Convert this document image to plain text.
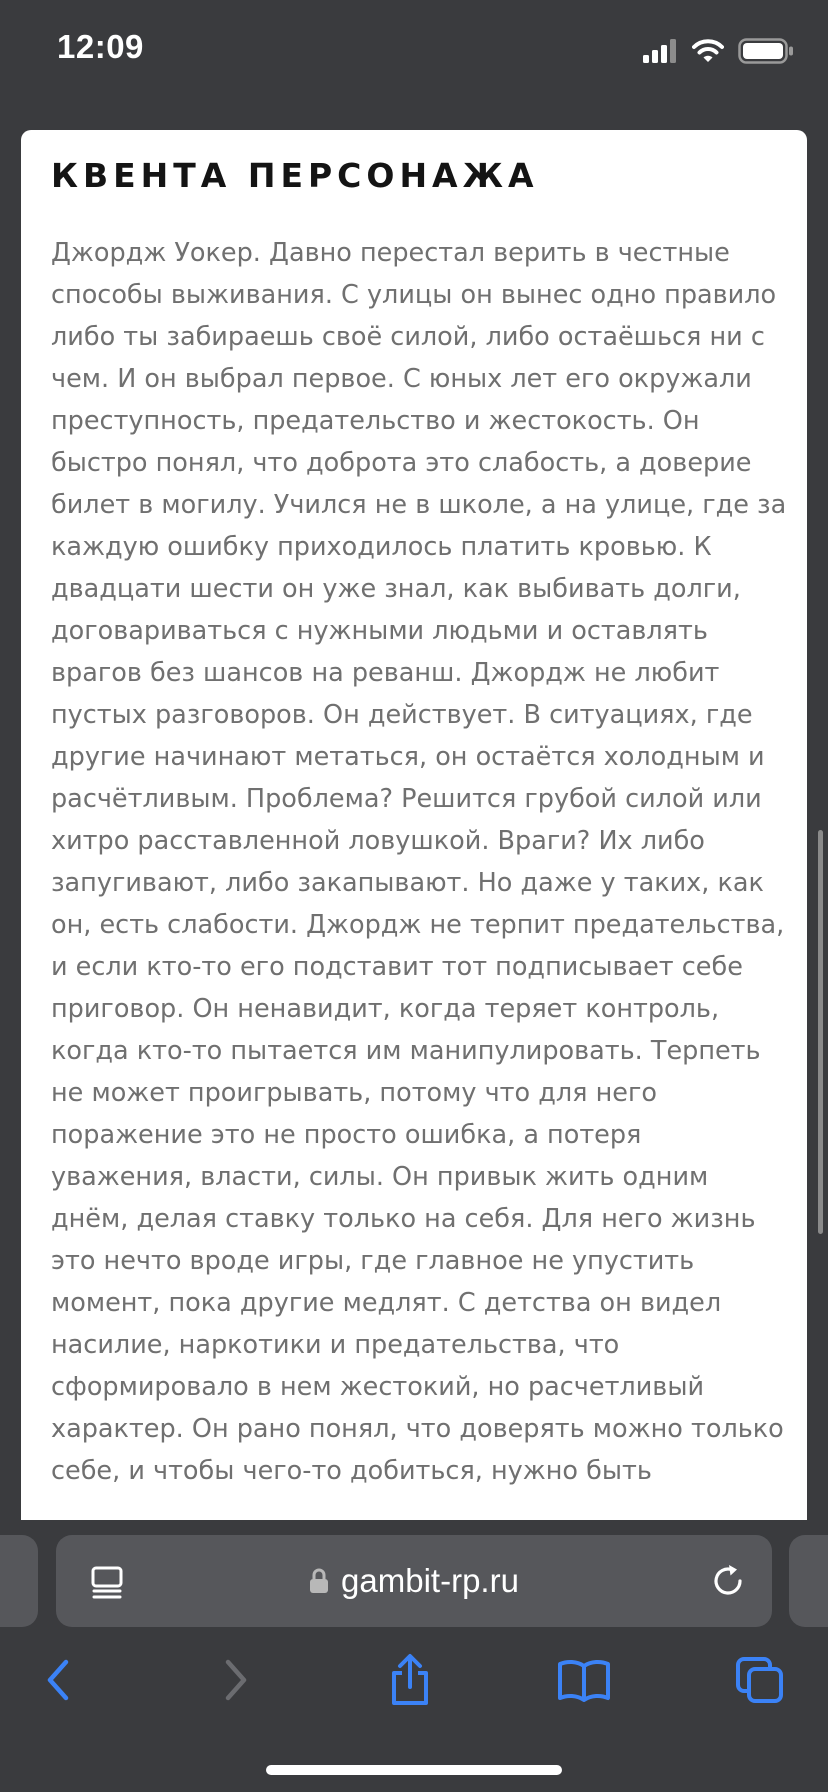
12:09
КВЕНТА ПЕРСОНАЖА

Джордж Уокер. Давно перестал верить в честные способы выживания. С улицы он вынес одно правило либо ты забираешь своё силой, либо остаёшься ни с чем. И он выбрал первое. С юных лет его окружали преступность, предательство и жестокость. Он быстро понял, что доброта это слабость, а доверие билет в могилу. Учился не в школе, а на улице, где за каждую ошибку приходилось платить кровью. К двадцати шести он уже знал, как выбивать долги, договариваться с нужными людьми и оставлять врагов без шансов на реванш. Джордж не любит пустых разговоров. Он действует. В ситуациях, где другие начинают метаться, он остаётся холодным и расчётливым. Проблема? Решится грубой силой или хитро расставленной ловушкой. Враги? Их либо запугивают, либо закапывают. Но даже у таких, как он, есть слабости. Джордж не терпит предательства, и если кто-то его подставит тот подписывает себе приговор. Он ненавидит, когда теряет контроль, когда кто-то пытается им манипулировать. Терпеть не может проигрывать, потому что для него поражение это не просто ошибка, а потеря уважения, власти, силы. Он привык жить одним днём, делая ставку только на себя. Для него жизнь это нечто вроде игры, где главное не упустить момент, пока другие медлят. С детства он видел насилие, наркотики и предательства, что сформировало в нем жестокий, но расчетливый характер. Он рано понял, что доверять можно только себе, и чтобы чего-то добиться, нужно быть

gambit-rp.ru
